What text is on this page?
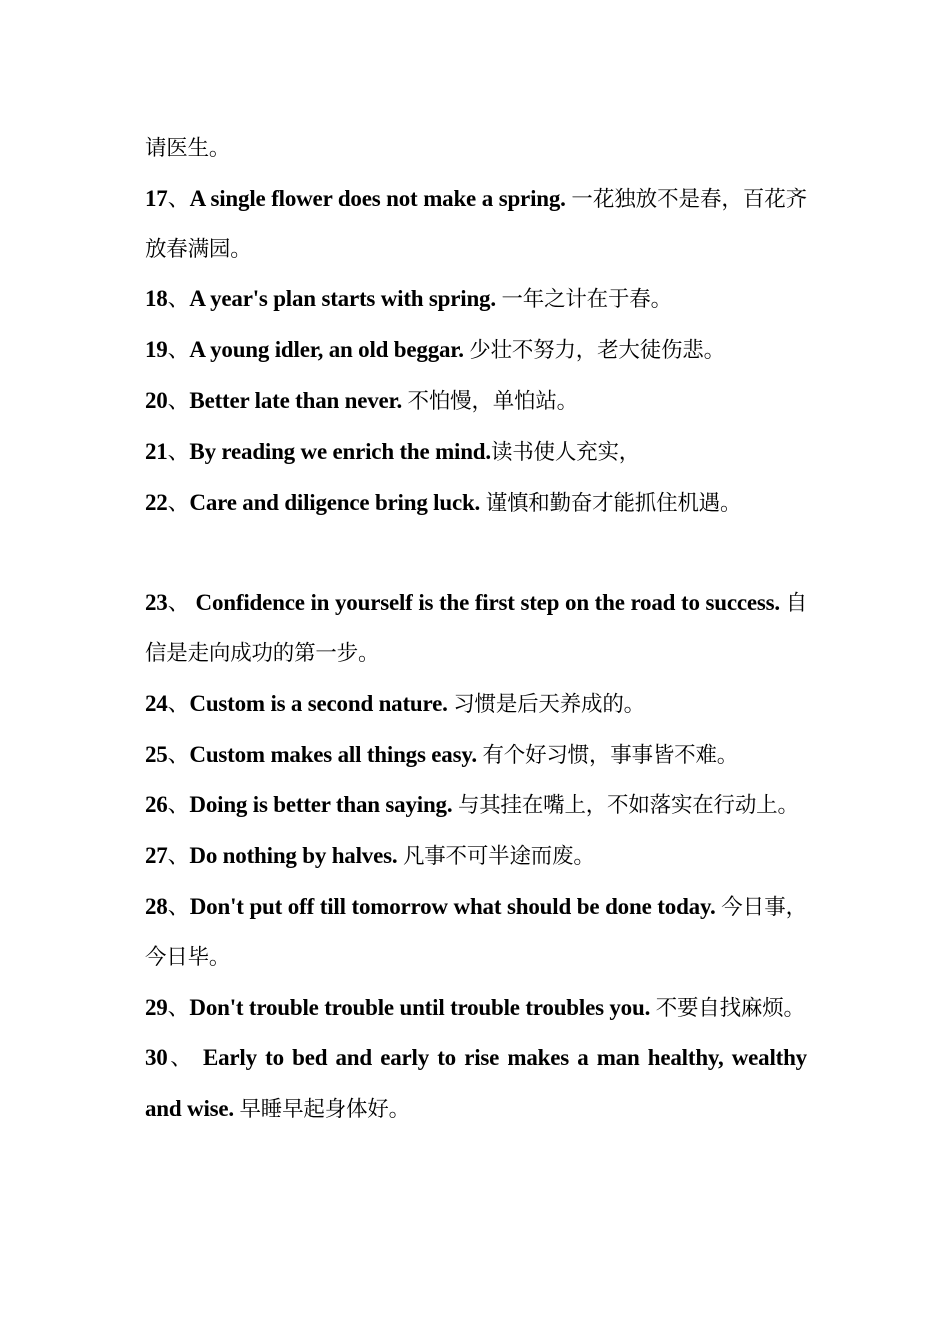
请医生。

17、A single flower does not make a spring. 一花独放不是春，百花齐放春满园。

18、A year's plan starts with spring. 一年之计在于春。

19、A young idler, an old beggar. 少壮不努力，老大徒伤悲。

20、Better late than never. 不怕慢，单怕站。

21、By reading we enrich the mind.读书使人充实，

22、Care and diligence bring luck. 谨慎和勤奋才能抓住机遇。

23、 Confidence in yourself is the first step on the road to success. 自信是走向成功的第一步。

24、Custom is a second nature. 习惯是后天养成的。

25、Custom makes all things easy. 有个好习惯，事事皆不难。

26、Doing is better than saying. 与其挂在嘴上，不如落实在行动上。

27、Do nothing by halves. 凡事不可半途而废。

28、Don't put off till tomorrow what should be done today. 今日事，今日毕。

29、Don't trouble trouble until trouble troubles you. 不要自找麻烦。

30、 Early to bed and early to rise makes a man healthy, wealthy and wise. 早睡早起身体好。
